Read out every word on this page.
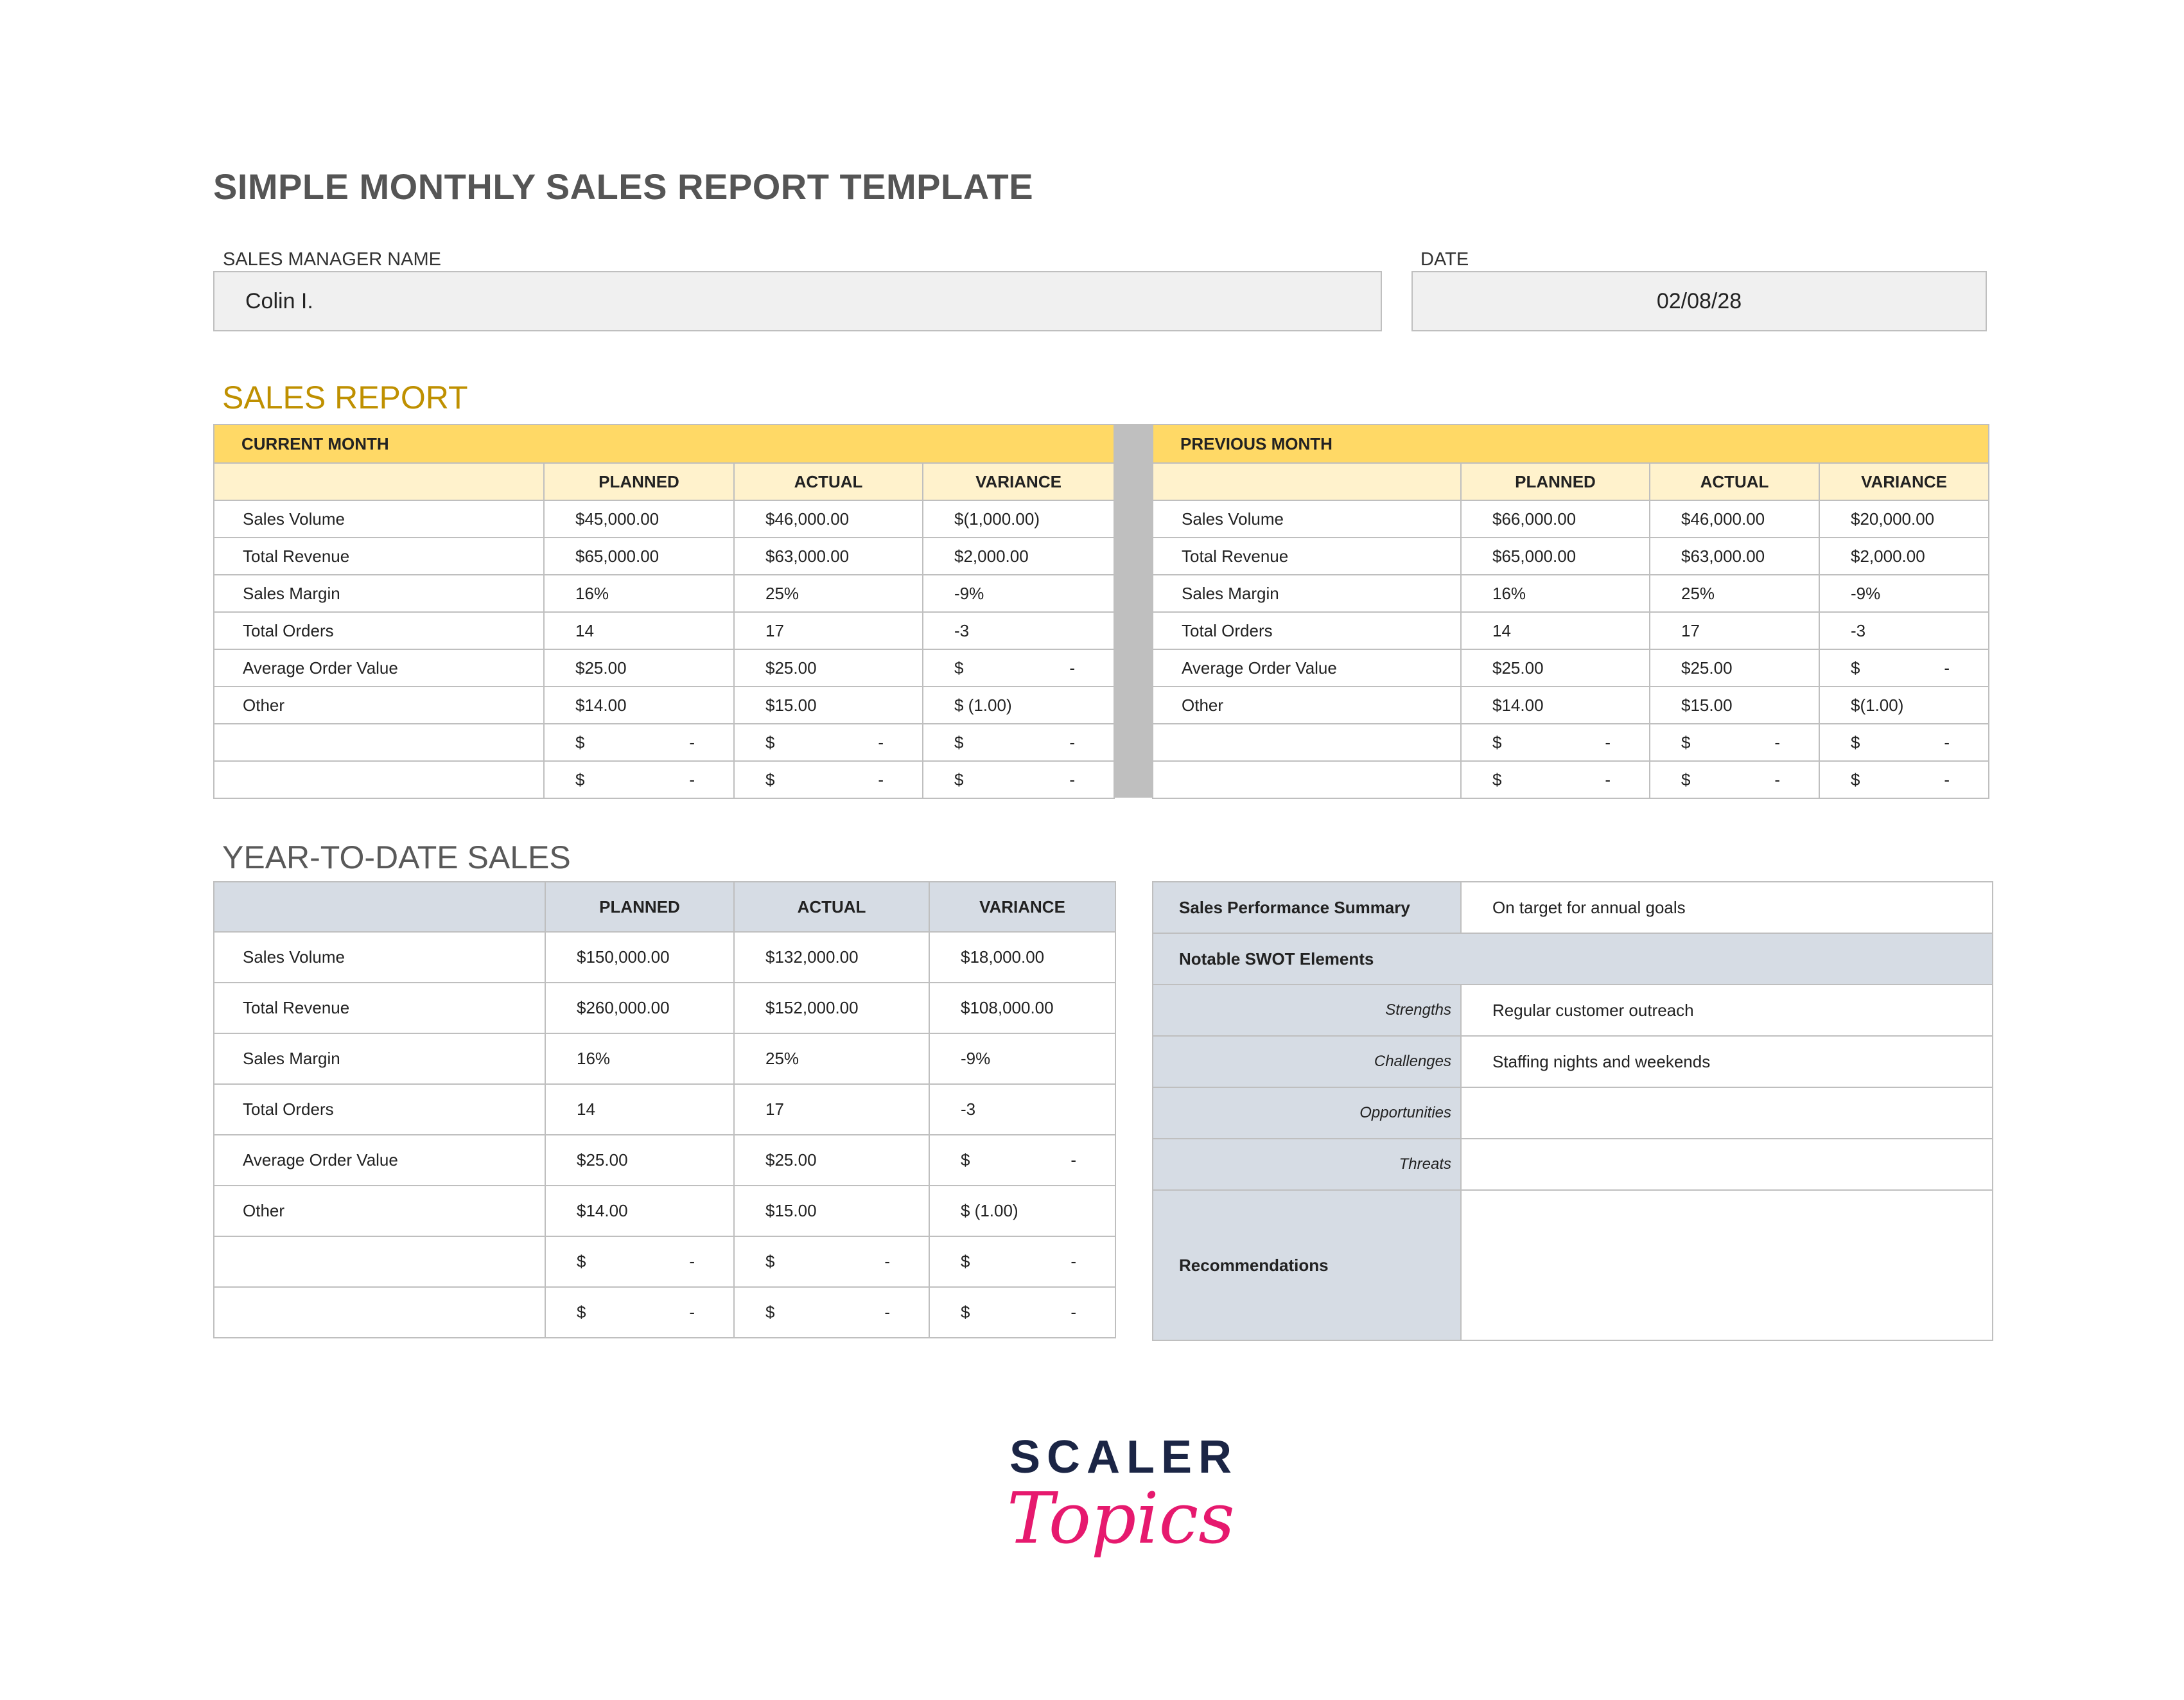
SIMPLE MONTHLY SALES REPORT TEMPLATE
SALES MANAGER NAME
Colin I.
DATE
02/08/28
SALES REPORT
CURRENT MONTH			
	PLANNED	ACTUAL	VARIANCE
Sales Volume	$45,000.00	$46,000.00	$(1,000.00)
Total Revenue	$65,000.00	$63,000.00	$2,000.00
Sales Margin	16%	25%	-9%
Total Orders	14	17	-3
Average Order Value	$25.00	$25.00	$ -

Other	$14.00	$15.00	$ (1.00)

	$ -	$ -	$ -

	$ -	$ -	$ -
PREVIOUS MONTH			
	PLANNED	ACTUAL	VARIANCE
Sales Volume	$66,000.00	$46,000.00	$20,000.00
Total Revenue	$65,000.00	$63,000.00	$2,000.00
Sales Margin	16%	25%	-9%
Total Orders	14	17	-3
Average Order Value	$25.00	$25.00	$ -

Other	$14.00	$15.00	$(1.00)

	$ -	$ -	$ -

	$ -	$ -	$ -
YEAR-TO-DATE SALES
	PLANNED	ACTUAL	VARIANCE
Sales Volume	$150,000.00	$132,000.00	$18,000.00
Total Revenue	$260,000.00	$152,000.00	$108,000.00
Sales Margin	16%	25%	-9%
Total Orders	14	17	-3
Average Order Value	$25.00	$25.00	$ -

Other	$14.00	$15.00	$ (1.00)

	$ -	$ -	$ -

	$ -	$ -	$ -
Sales Performance Summary	On target for annual goals
Notable SWOT Elements	
Strengths	Regular customer outreach
Challenges	Staffing nights and weekends
Opportunities	
Threats	
Recommendations	
SCALER
Topics
